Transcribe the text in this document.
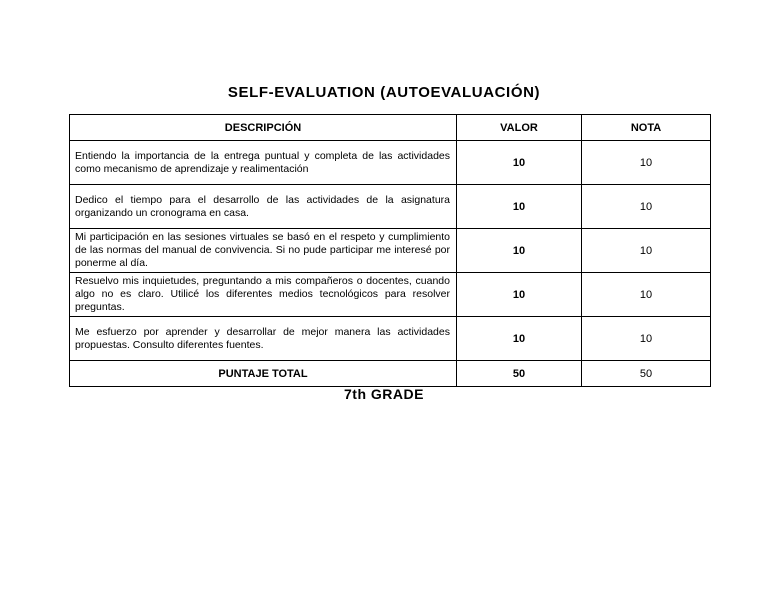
SELF-EVALUATION (AUTOEVALUACIÓN)
DESCRIPCIÓN	VALOR	NOTA
Entiendo la importancia de la entrega puntual y completa de las actividades como mecanismo de aprendizaje y realimentación	10	10
Dedico el tiempo para el desarrollo de las actividades de la asignatura organizando un cronograma en casa.	10	10
Mi participación en las sesiones virtuales se basó en el respeto y cumplimiento de las normas del manual de convivencia. Si no pude participar me interesé por ponerme al día.	10	10
Resuelvo mis inquietudes, preguntando a mis compañeros o docentes, cuando algo no es claro. Utilicé los diferentes medios tecnológicos para resolver preguntas.	10	10
Me esfuerzo por aprender y desarrollar de mejor manera las actividades propuestas. Consulto diferentes fuentes.	10	10
PUNTAJE TOTAL	50	50
7th GRADE
